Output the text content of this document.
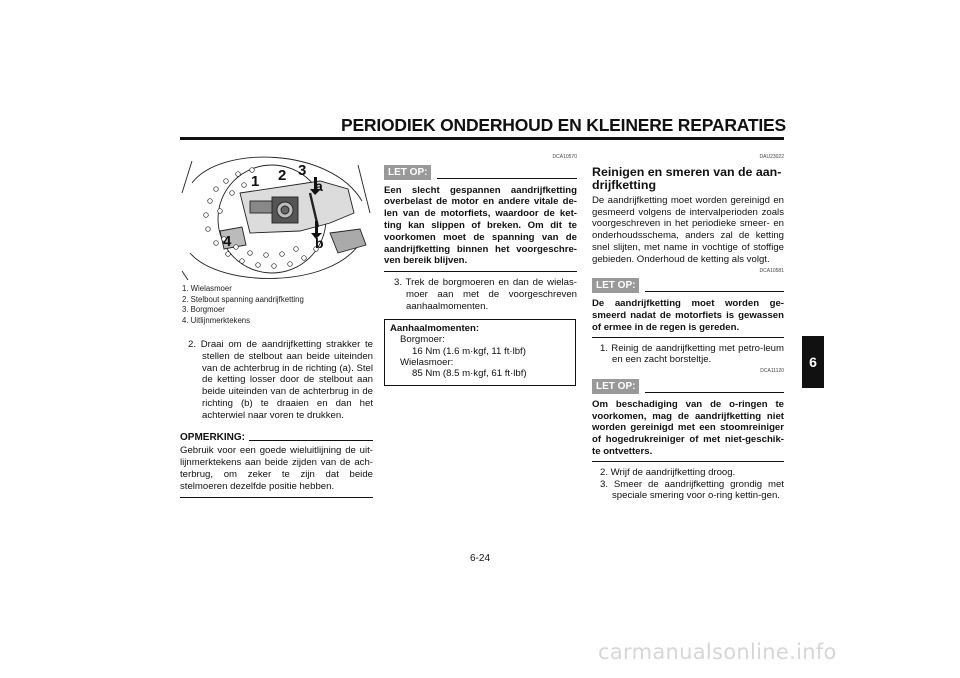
PERIODIEK ONDERHOUD EN KLEINERE REPARATIES
6
1 2 3
4
a
b
1. Wielasmoer
2. Stelbout spanning aandrijfketting
3. Borgmoer
4. Uitlijnmerktekens

2. Draai om de aandrijfketting strakker te stellen de stelbout aan beide uiteinden van de achterbrug in de richting (a). Stel de ketting losser door de stelbout aan beide uiteinden van de achterbrug in de richting (b) te draaien en dan het achterwiel naar voren te drukken.

OPMERKING:

Gebruik voor een goede wieluitlijning de uit-lijnmerktekens aan beide zijden van de ach-terbrug, om zeker te zijn dat beide stelmoeren dezelfde positie hebben.

DCA10570
LET OP:

Een slecht gespannen aandrijfketting overbelast de motor en andere vitale de-len van de motorfiets, waardoor de ket-ting kan slippen of breken. Om dit te voorkomen moet de spanning van de aandrijfketting binnen het voorgeschre-ven bereik blijven.

3. Trek de borgmoeren en dan de wielas-moer aan met de voorgeschreven aanhaalmomenten.

Aanhaalmomenten:
Borgmoer:
16 Nm (1.6 m·kgf, 11 ft·lbf)
Wielasmoer:
85 Nm (8.5 m·kgf, 61 ft·lbf)
DAU23022
Reinigen en smeren van de aan-drijfketting

De aandrijfketting moet worden gereinigd en gesmeerd volgens de intervalperioden zoals voorgeschreven in het periodieke smeer- en onderhoudsschema, anders zal de ketting snel slijten, met name in vochtige of stoffige gebieden. Onderhoud de ketting als volgt.

DCA10581
LET OP:

De aandrijfketting moet worden ge-smeerd nadat de motorfiets is gewassen of ermee in de regen is gereden.

1. Reinig de aandrijfketting met petro-leum en een zacht borsteltje.

DCA11120
LET OP:

Om beschadiging van de o-ringen te voorkomen, mag de aandrijfketting niet worden gereinigd met een stoomreiniger of hogedrukreiniger of met niet-geschik-te ontvetters.

2. Wrijf de aandrijfketting droog.

3. Smeer de aandrijfketting grondig met speciale smering voor o-ring kettin-gen.

6-24
carmanualsonline.info
